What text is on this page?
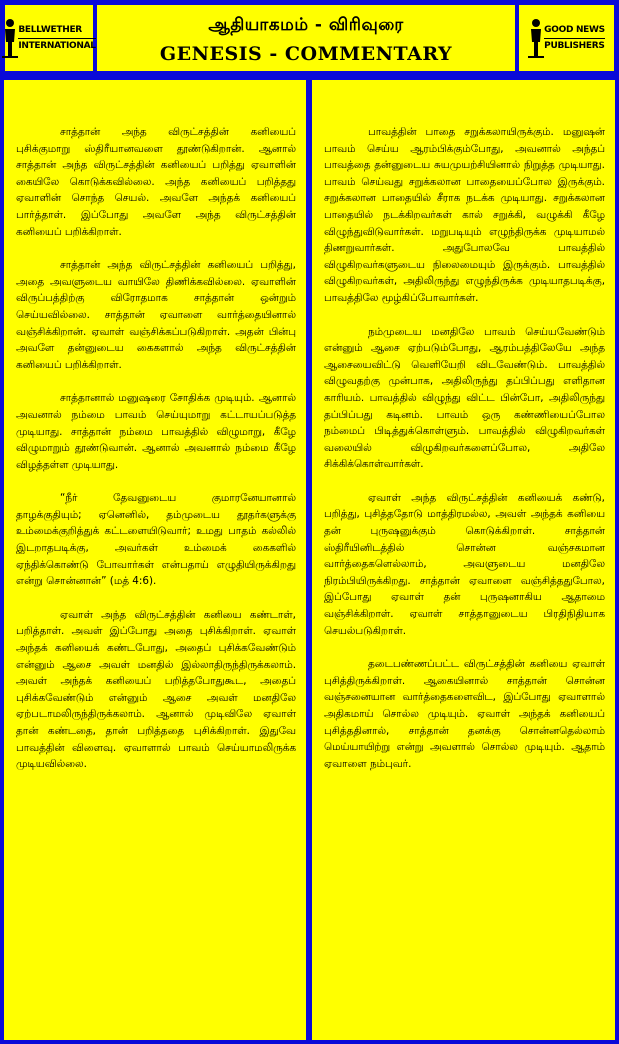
BELLWETHER
INTERNATIONAL
ஆதியாகமம் - விரிவுரை
GENESIS - COMMENTARY
GOOD NEWS
PUBLISHERS

சாத்தான் அந்த விருட்சத்தின் கனியைப் புசிக்குமாறு ஸ்திரீயானவளை தூண்டுகிறான். ஆனால் சாத்தான் அந்த விருட்சத்தின் கனியைப் பறித்து ஏவாளின் கையிலே கொடுக்கவில்லை. அந்த கனியைப் பறித்தது ஏவாளின் சொந்த செயல். அவளே அந்தக் கனியைப் பார்த்தாள். இப்போது அவளே அந்த விருட்சத்தின் கனியைப் பறிக்கிறாள்.

சாத்தான் அந்த விருட்சத்தின் கனியைப் பறித்து, அதை அவளுடைய வாயிலே திணிக்கவில்லை. ஏவாளின் விருப்பத்திற்கு விரோதமாக சாத்தான் ஒன்றும் செய்யவில்லை. சாத்தான் ஏவாளை வார்த்தையினால் வஞ்சிக்கிறான். ஏவாள் வஞ்சிக்கப்படுகிறாள். அதன் பின்பு அவளே தன்னுடைய கைகளால் அந்த விருட்சத்தின் கனியைப் பறிக்கிறாள்.

சாத்தானால் மனுஷரை சோதிக்க முடியும். ஆனால் அவனால் நம்மை பாவம் செய்யுமாறு கட்டாயப்படுத்த முடியாது. சாத்தான் நம்மை பாவத்தில் விழுமாறு, கீழே விழுமாறும் தூண்டுவான். ஆனால் அவனால் நம்மை கீழே விழத்தள்ள முடியாது.

“நீர் தேவனுடைய குமாரனேயானால் தாழக்குதியும்; ஏனெனில், தம்முடைய தூதர்களுக்கு உம்மைக்குறித்துக் கட்டளையிடுவார்; உமது பாதம் கல்லில் இடறாதபடிக்கு, அவர்கள் உம்மைக் கைகளில் ஏந்திக்கொண்டு போவார்கள் என்பதாய் எழுதியிருக்கிறது என்று சொன்னான்” (மத் 4:6).

ஏவாள் அந்த விருட்சத்தின் கனியை கண்டாள், பறித்தாள். அவள் இப்போது அதை புசிக்கிறாள். ஏவாள் அந்தக் கனியைக் கண்டபோது, அதைப் புசிக்கவேண்டும் என்னும் ஆசை அவள் மனதில் இல்லாதிருந்திருக்கலாம். அவள் அந்தக் கனியைப் பறித்தபோதுகூட, அதைப் புசிக்கவேண்டும் என்னும் ஆசை அவள் மனதிலே ஏற்படாமலிருந்திருக்கலாம். ஆனால் முடிவிலே ஏவாள் தான் கண்டதை, தான் பறித்ததை புசிக்கிறாள். இதுவே பாவத்தின் விளைவு. ஏவாளால் பாவம் செய்யாமலிருக்க முடியவில்லை.

பாவத்தின் பாதை சறுக்கலாயிருக்கும். மனுஷன் பாவம் செய்ய ஆரம்பிக்கும்போது, அவனால் அந்தப் பாவத்தை தன்னுடைய சுயமுயற்சியினால் நிறுத்த முடியாது. பாவம் செய்வது சறுக்கலான பாதையைப்போல இருக்கும். சறுக்கலான பாதையில் சீராக நடக்க முடியாது. சறுக்கலான பாதையில் நடக்கிறவர்கள் கால் சறுக்கி, வழுக்கி கீழே விழுந்துவிடுவார்கள். மறுபடியும் எழுந்திருக்க முடியாமல் திணறுவார்கள். அதுபோலவே பாவத்தில் விழுகிறவர்களுடைய நிலைமையும் இருக்கும். பாவத்தில் விழுகிறவர்கள், அதிலிருந்து எழுந்திருக்க முடியாதபடிக்கு, பாவத்திலே மூழ்கிப்போவார்கள்.

நம்முடைய மனதிலே பாவம் செய்யவேண்டும் என்னும் ஆசை ஏற்படும்போது, ஆரம்பத்திலேயே அந்த ஆசையைவிட்டு வெளியேறி விடவேண்டும். பாவத்தில் விழுவதற்கு முன்பாக, அதிலிருந்து தப்பிப்பது எளிதான காரியம். பாவத்தில் விழுந்து விட்ட பின்போ, அதிலிருந்து தப்பிப்பது கடினம். பாவம் ஒரு கண்ணியைப்போல நம்மைப் பிடித்துக்கொள்ளும். பாவத்தில் விழுகிறவர்கள் வலையில் விழுகிறவர்களைப்போல, அதிலே சிக்கிக்கொள்வார்கள்.

ஏவாள் அந்த விருட்சத்தின் கனியைக் கண்டு, பறித்து, புசித்ததோடு மாத்திரமல்ல, அவள் அந்தக் கனியை தன் புருஷனுக்கும் கொடுக்கிறாள். சாத்தான் ஸ்திரீயினிடத்தில் சொன்ன வஞ்சகமான வார்த்தைகளெல்லாம், அவளுடைய மனதிலே நிரம்பியிருக்கிறது. சாத்தான் ஏவாளை வஞ்சித்ததுபோல, இப்போது ஏவாள் தன் புருஷனாகிய ஆதாமை வஞ்சிக்கிறாள். ஏவாள் சாத்தானுடைய பிரதிநிதியாக செயல்படுகிறாள்.

தடைபண்ணப்பட்ட விருட்சத்தின் கனியை ஏவாள் புசித்திருக்கிறாள். ஆகையினால் சாத்தான் சொன்ன வஞ்சனையான வார்த்தைகளைவிட, இப்போது ஏவாளால் அதிகமாய் சொல்ல முடியும். ஏவாள் அந்தக் கனியைப் புசித்ததினால், சாத்தான் தனக்கு சொன்னதெல்லாம் மெய்யாயிற்று என்று அவளால் சொல்ல முடியும். ஆதாம் ஏவாளை நம்புவர்.
